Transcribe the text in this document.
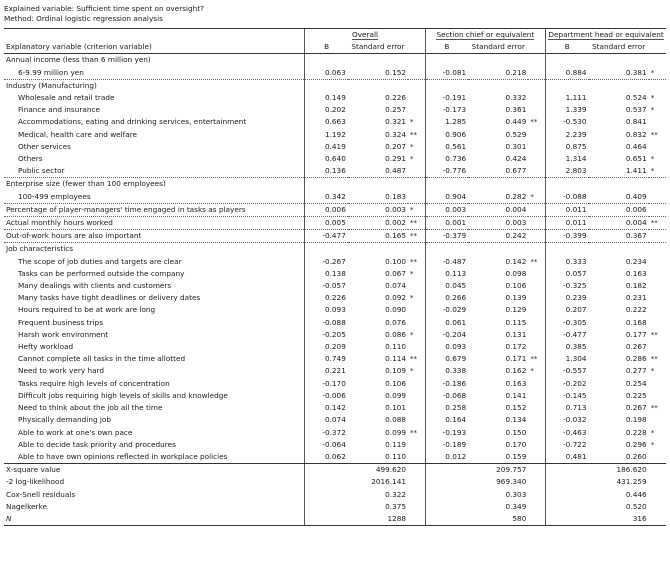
Explained variable: Sufficient time spent on oversight?
Method: Ordinal logistic regression analysis
	Overall			Section chief or equivalent			Department head or equivalent		
Explanatory variable (criterion variable)	B	Standard error		B	Standard error		B	Standard error	
Annual income (less than 6 million yen)									
6-9.99 million yen	0.063	0.152		-0.081	0.218		0.884	0.381	*
Industry (Manufacturing)									
Wholesale and retail trade	0.149	0.226		-0.191	0.332		1.111	0.524	*
Finance and insurance	0.202	0.257		-0.173	0.361		1.339	0.537	*
Accommodations, eating and drinking services, entertainment	0.663	0.321	*	1.285	0.449	**	-0.530	0.841	
Medical, health care and welfare	1.192	0.324	**	0.906	0.529		2.239	0.832	**
Other services	0.419	0.207	*	0.561	0.301		0.875	0.464	
Others	0.640	0.291	*	0.736	0.424		1.314	0.651	*
Public sector	0.136	0.487		-0.776	0.677		2.803	1.411	*
Enterprise size (fewer than 100 employees)									
100-499 employees	0.342	0.183		0.904	0.282	*	-0.088	0.409	
Percentage of player-managers' time engaged in tasks as players	0.006	0.003	*	0.003	0.004		0.011	0.006	
Actual monthly hours worked	0.005	0.002	**	0.001	0.003		0.011	0.004	**
Out-of-work hours are also important	-0.477	0.165	**	-0.379	0.242		-0.399	0.367	
Job characteristics									
The scope of job duties and targets are clear	-0.267	0.100	**	-0.487	0.142	**	0.333	0.234	
Tasks can be performed outside the company	0.138	0.067	*	0.113	0.098		0.057	0.163	
Many dealings with clients and customers	-0.057	0.074		0.045	0.106		-0.325	0.182	
Many tasks have tight deadlines or delivery dates	0.226	0.092	*	0.266	0.139		0.239	0.231	
Hours required to be at work are long	0.093	0.090		-0.029	0.129		0.207	0.222	
Frequent business trips	-0.088	0.076		0.061	0.115		-0.305	0.168	
Harsh work environment	-0.205	0.086	*	-0.204	0.131		-0.477	0.177	**
Hefty workload	0.209	0.110		0.093	0.172		0.385	0.267	
Cannot complete all tasks in the time allotted	0.749	0.114	**	0.679	0.171	**	1.304	0.286	**
Need to work very hard	0.221	0.109	*	0.338	0.162	*	-0.557	0.277	*
Tasks require high levels of concentration	-0.170	0.106		-0.186	0.163		-0.202	0.254	
Difficult jobs requiring high levels of skills and knowledge	-0.006	0.099		-0.068	0.141		-0.145	0.225	
Need to think about the job all the time	0.142	0.101		0.258	0.152		0.713	0.267	**
Physically demanding job	0.074	0.088		0.164	0.134		-0.032	0.198	
Able to work at one's own pace	-0.372	0.099	**	-0.193	0.150		-0.463	0.228	*
Able to decide task priority and procedures	-0.064	0.119		-0.189	0.170		-0.722	0.296	*
Able to have own opinions reflected in workplace policies	0.062	0.110		0.012	0.159		0.481	0.260	
X-square value	499.620			209.757			186.620		
-2 log-likelihood	2016.141			969.340			431.259		
Cox-Snell residuals	0.322			0.303			0.446		
Nagelkerke	0.375			0.349			0.520		
N	1288			580			316		
